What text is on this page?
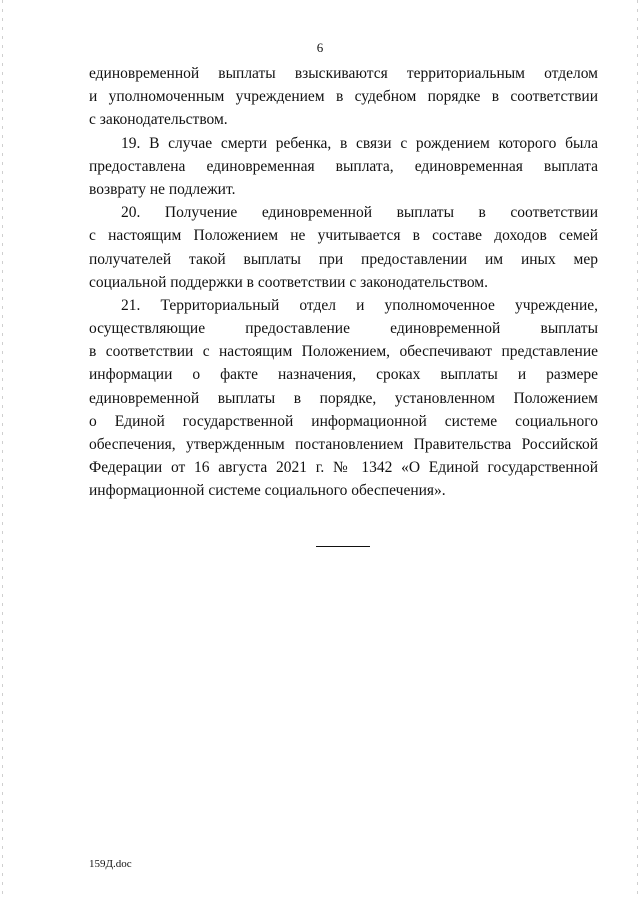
6
единовременной выплаты взыскиваются территориальным отделом
и уполномоченным учреждением в судебном порядке в соответствии
с законодательством.
19. В случае смерти ребенка, в связи с рождением которого была
предоставлена единовременная выплата, единовременная выплата
возврату не подлежит.
20. Получение единовременной выплаты в соответствии
с настоящим Положением не учитывается в составе доходов семей
получателей такой выплаты при предоставлении им иных мер
социальной поддержки в соответствии с законодательством.
21. Территориальный отдел и уполномоченное учреждение,
осуществляющие предоставление единовременной выплаты
в соответствии с настоящим Положением, обеспечивают представление
информации о факте назначения, сроках выплаты и размере
единовременной выплаты в порядке, установленном Положением
о Единой государственной информационной системе социального
обеспечения, утвержденным постановлением Правительства Российской
Федерации от 16 августа 2021 г. № 1342 «О Единой государственной
информационной системе социального обеспечения».
159Д.doc
